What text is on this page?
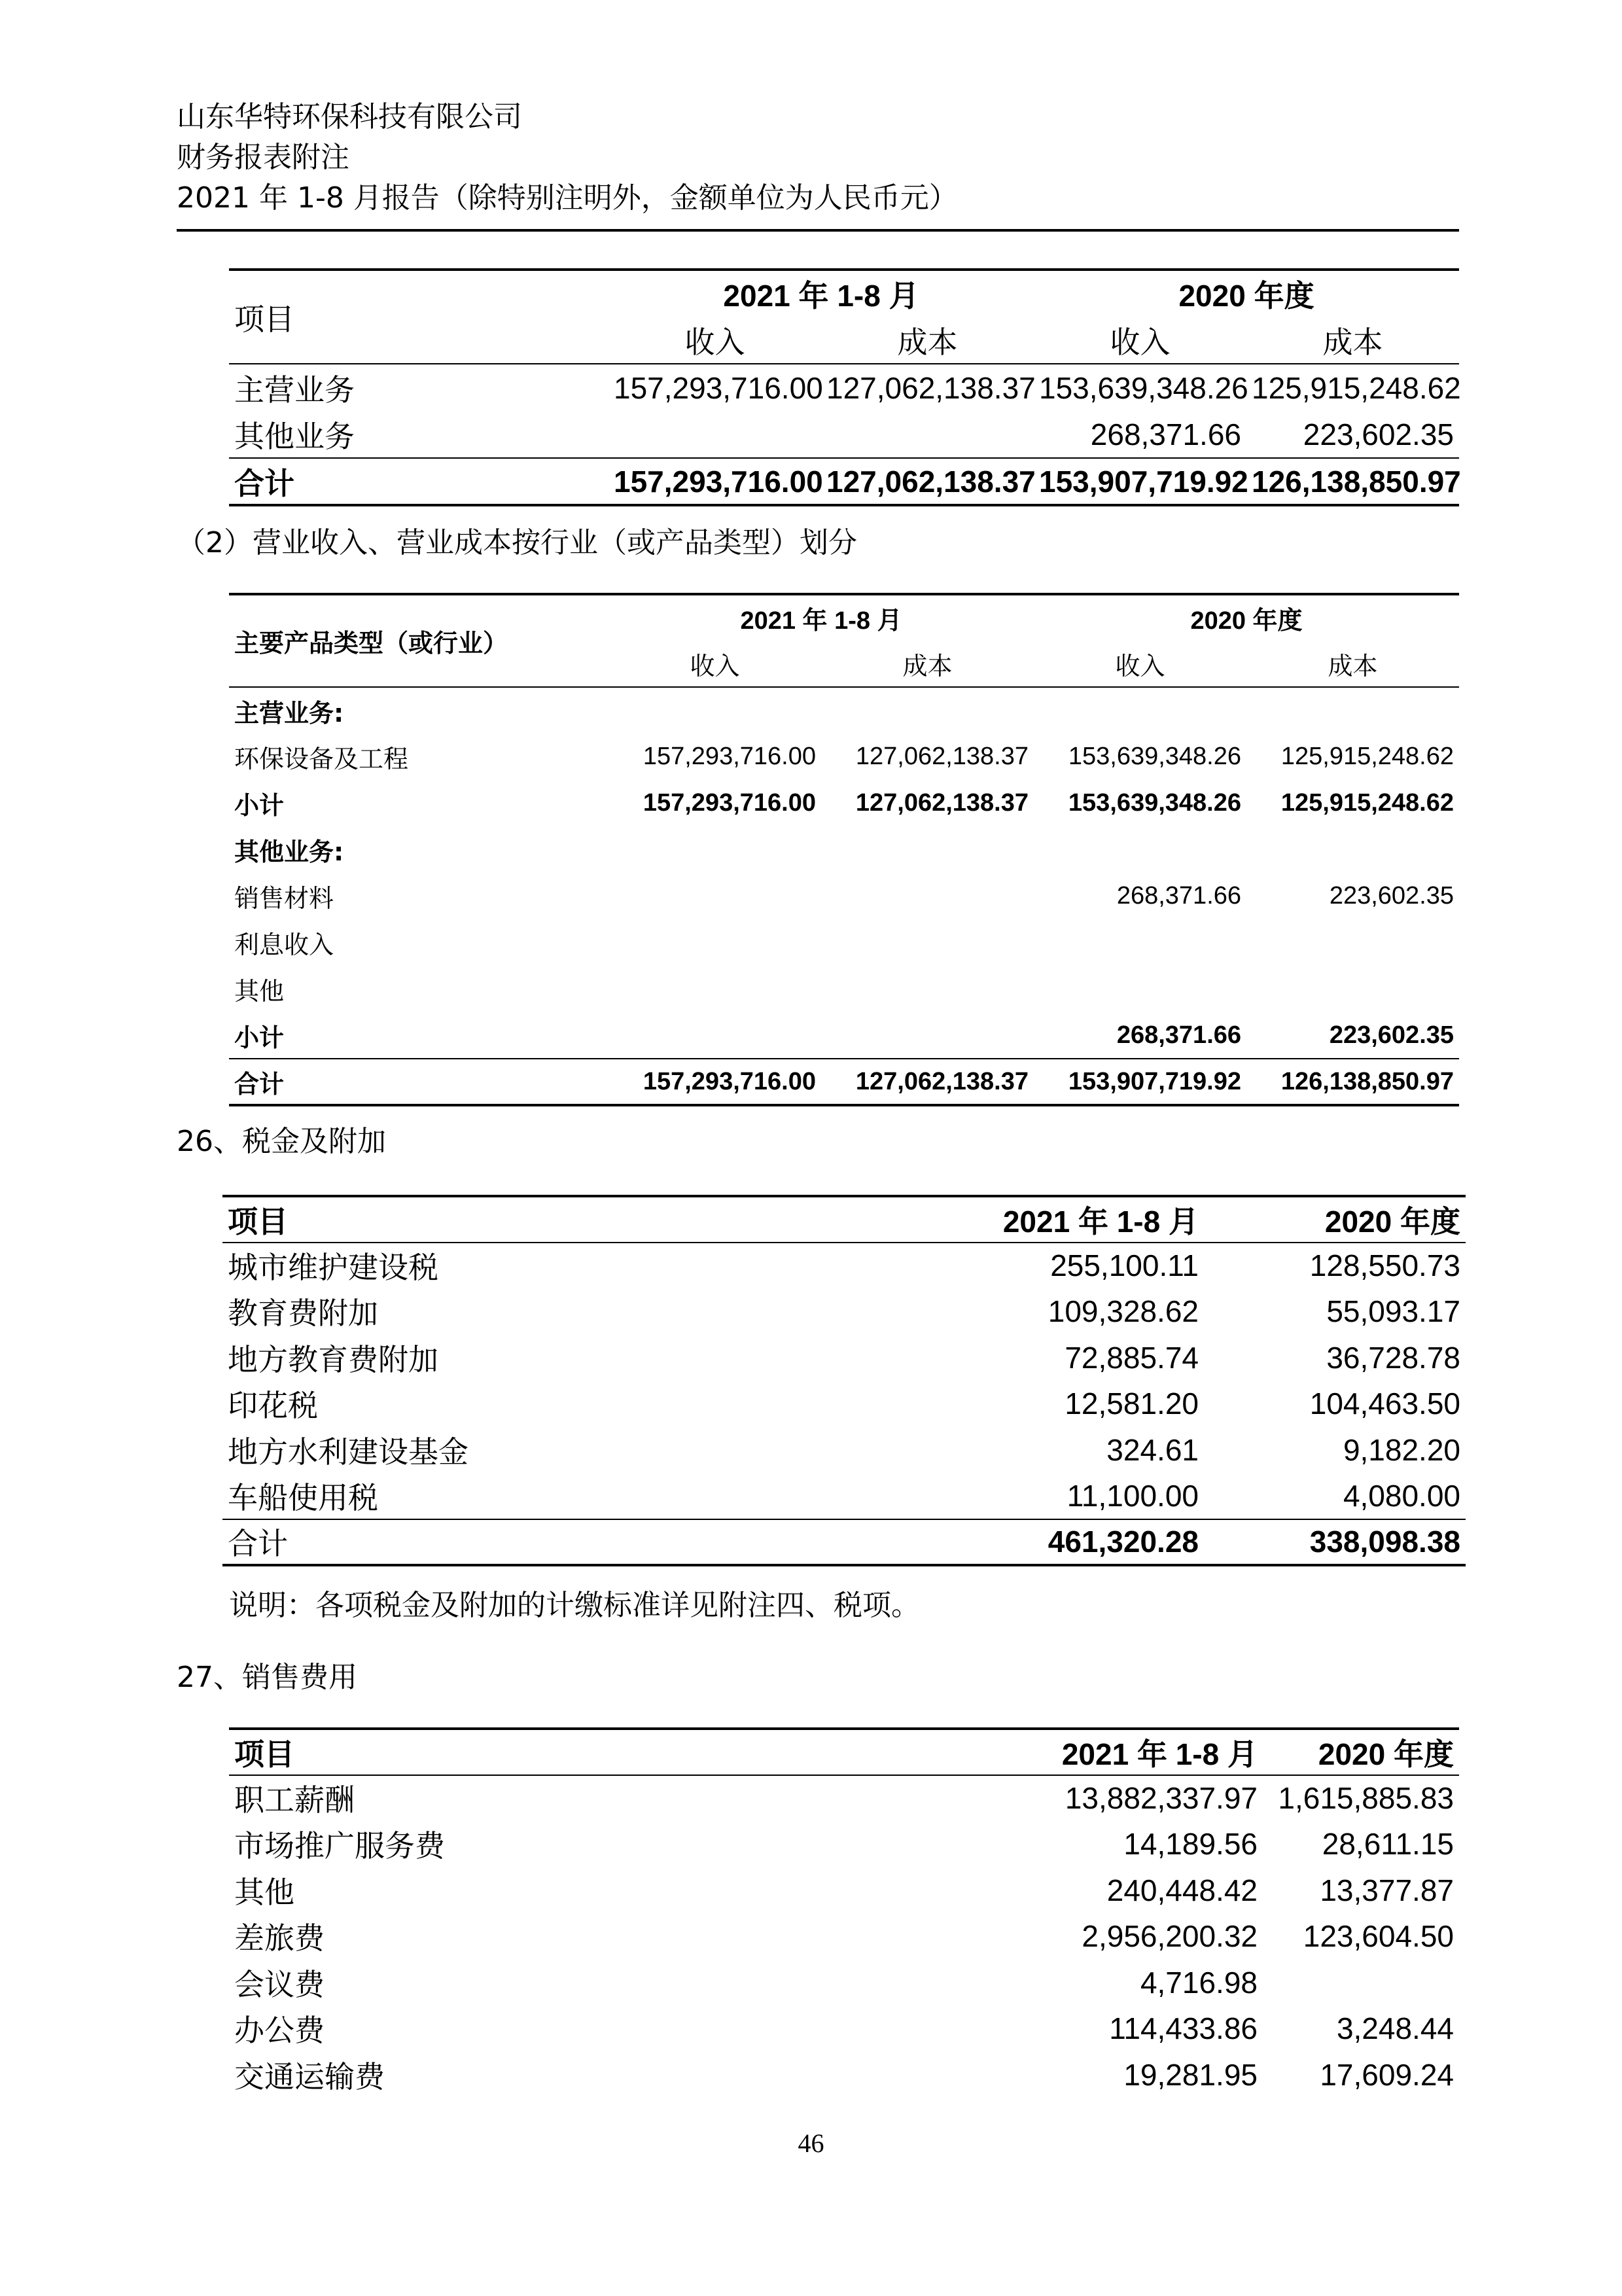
山东华特环保科技有限公司
财务报表附注
2021 年 1-8 月报告（除特别注明外，金额单位为人民币元）
项目	2021 年 1-8 月		2020 年度	
	收入	成本	收入	成本
主营业务	157,293,716.00	127,062,138.37	153,639,348.26	125,915,248.62
其他业务			268,371.66	223,602.35
合计	157,293,716.00	127,062,138.37	153,907,719.92	126,138,850.97
（2）营业收入、营业成本按行业（或产品类型）划分
主要产品类型（或行业）	2021 年 1-8 月		2020 年度	
	收入	成本	收入	成本
主营业务:				
环保设备及工程	157,293,716.00	127,062,138.37	153,639,348.26	125,915,248.62
小计	157,293,716.00	127,062,138.37	153,639,348.26	125,915,248.62
其他业务:				
销售材料			268,371.66	223,602.35
利息收入				
其他				
小计			268,371.66	223,602.35
合计	157,293,716.00	127,062,138.37	153,907,719.92	126,138,850.97
26、税金及附加
项目	2021 年 1-8 月	2020 年度
城市维护建设税	255,100.11	128,550.73
教育费附加	109,328.62	55,093.17
地方教育费附加	72,885.74	36,728.78
印花税	12,581.20	104,463.50
地方水利建设基金	324.61	9,182.20
车船使用税	11,100.00	4,080.00
合计	461,320.28	338,098.38
说明：各项税金及附加的计缴标准详见附注四、税项。
27、销售费用
项目	2021 年 1-8 月	2020 年度
职工薪酬	13,882,337.97	1,615,885.83
市场推广服务费	14,189.56	28,611.15
其他	240,448.42	13,377.87
差旅费	2,956,200.32	123,604.50
会议费	4,716.98	
办公费	114,433.86	3,248.44
交通运输费	19,281.95	17,609.24
46
